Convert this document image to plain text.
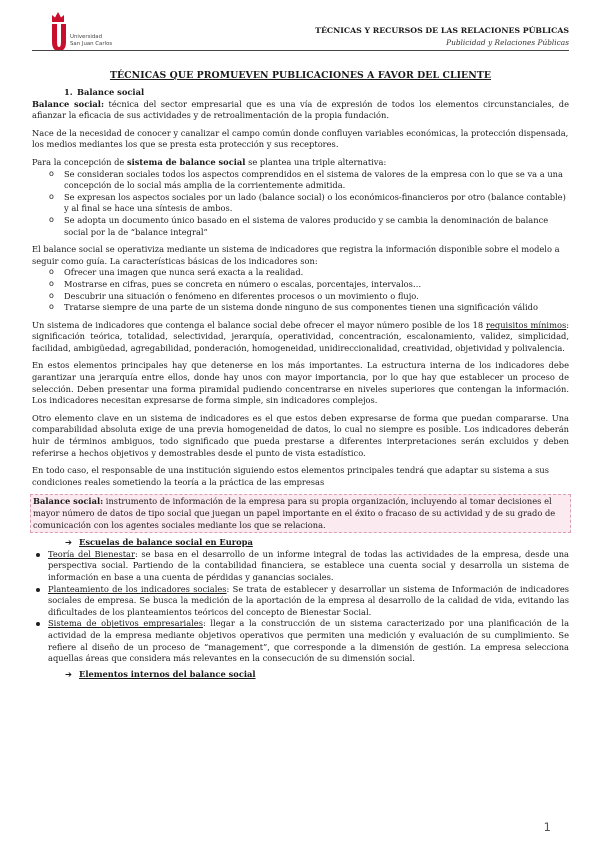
Universidad
San Juan Carlos
TÉCNICAS Y RECURSOS DE LAS RELACIONES PÚBLICAS
Publicidad y Relaciones Públicas
TÉCNICAS QUE PROMUEVEN PUBLICACIONES A FAVOR DEL CLIENTE
1. Balance social

Balance social: técnica del sector empresarial que es una vía de expresión de todos los elementos circunstanciales, de afianzar la eficacia de sus actividades y de retroalimentación de la propia fundación.

Nace de la necesidad de conocer y canalizar el campo común donde confluyen variables económicas, la protección dispensada, los medios mediantes los que se presta esta protección y sus receptores.

Para la concepción de sistema de balance social se plantea una triple alternativa:

o Se consideran sociales todos los aspectos comprendidos en el sistema de valores de la empresa con lo que se va a una concepción de lo social más amplia de la corrientemente admitida.
o Se expresan los aspectos sociales por un lado (balance social) o los económicos-financieros por otro (balance contable) y al final se hace una síntesis de ambos.
o Se adopta un documento único basado en el sistema de valores producido y se cambia la denominación de balance social por la de “balance integral”

El balance social se operativiza mediante un sistema de indicadores que registra la información disponible sobre el modelo a seguir como guía. La características básicas de los indicadores son:

o Ofrecer una imagen que nunca será exacta a la realidad.
o Mostrarse en cifras, pues se concreta en número o escalas, porcentajes, intervalos…
o Descubrir una situación o fenómeno en diferentes procesos o un movimiento o flujo.
o Tratarse siempre de una parte de un sistema donde ninguno de sus componentes tienen una significación válido

Un sistema de indicadores que contenga el balance social debe ofrecer el mayor número posible de los 18 requisitos mínimos: significación teórica, totalidad, selectividad, jerarquía, operatividad, concentración, escalonamiento, validez, simplicidad, facilidad, ambigüedad, agregabilidad, ponderación, homogeneidad, unidireccionalidad, creatividad, objetividad y polivalencia.

En estos elementos principales hay que detenerse en los más importantes. La estructura interna de los indicadores debe garantizar una jerarquía entre ellos, donde hay unos con mayor importancia, por lo que hay que establecer un proceso de selección. Deben presentar una forma piramidal pudiendo concentrarse en niveles superiores que contengan la información. Los indicadores necesitan expresarse de forma simple, sin indicadores complejos.

Otro elemento clave en un sistema de indicadores es el que estos deben expresarse de forma que puedan compararse. Una comparabilidad absoluta exige de una previa homogeneidad de datos, lo cual no siempre es posible. Los indicadores deberán huir de términos ambiguos, todo significado que pueda prestarse a diferentes interpretaciones serán excluidos y deben referirse a hechos objetivos y demostrables desde el punto de vista estadístico.

En todo caso, el responsable de una institución siguiendo estos elementos principales tendrá que adaptar su sistema a sus condiciones reales sometiendo la teoría a la práctica de las empresas

Balance social: instrumento de información de la empresa para su propia organización, incluyendo al tomar decisiones el mayor número de datos de tipo social que juegan un papel importante en el éxito o fracaso de su actividad y de su grado de comunicación con los agentes sociales mediante los que se relaciona.

➔ Escuelas de balance social en Europa

Teoría del Bienestar: se basa en el desarrollo de un informe integral de todas las actividades de la empresa, desde una perspectiva social. Partiendo de la contabilidad financiera, se establece una cuenta social y desarrolla un sistema de información en base a una cuenta de pérdidas y ganancias sociales.
Planteamiento de los indicadores sociales: Se trata de establecer y desarrollar un sistema de Información de indicadores sociales de empresa. Se busca la medición de la aportación de la empresa al desarrollo de la calidad de vida, evitando las dificultades de los planteamientos teóricos del concepto de Bienestar Social.
Sistema de objetivos empresariales: llegar a la construcción de un sistema caracterizado por una planificación de la actividad de la empresa mediante objetivos operativos que permiten una medición y evaluación de su cumplimiento. Se refiere al diseño de un proceso de “management”, que corresponde a la dimensión de gestión. La empresa selecciona aquellas áreas que considera más relevantes en la consecución de su dimensión social.

➔ Elementos internos del balance social

1
